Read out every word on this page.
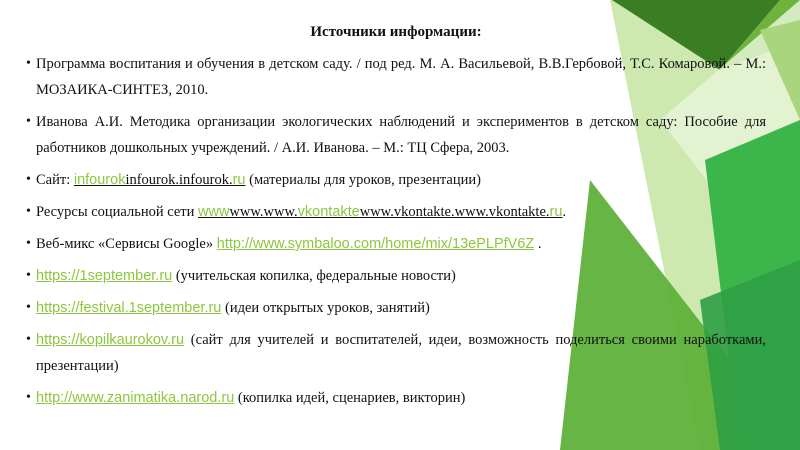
Источники информации:
• Программа воспитания и обучения в детском саду. / под ред. М. А. Васильевой, В.В.Гербовой, Т.С. Комаровой. – М.: МОЗАИКА-СИНТЕЗ, 2010.
• Иванова А.И. Методика организации экологических наблюдений и экспериментов в детском саду: Пособие для работников дошкольных учреждений. / А.И. Иванова. – М.: ТЦ Сфера, 2003.
• Сайт: infourokinfourok.infourok.ru (материалы для уроков, презентации)
• Ресурсы социальной сети wwwwww.www.vkontaktewww.vkontakte.www.vkontakte.ru.
• Веб-микс «Сервисы Google» http://www.symbaloo.com/home/mix/13ePLPfV6Z .
• https://1september.ru (учительская копилка, федеральные новости)
• https://festival.1september.ru (идеи открытых уроков, занятий)
• https://kopilkaurokov.ru (сайт для учителей и воспитателей, идеи, возможность поделиться своими наработками, презентации)
• http://www.zanimatika.narod.ru (копилка идей, сценариев, викторин)
